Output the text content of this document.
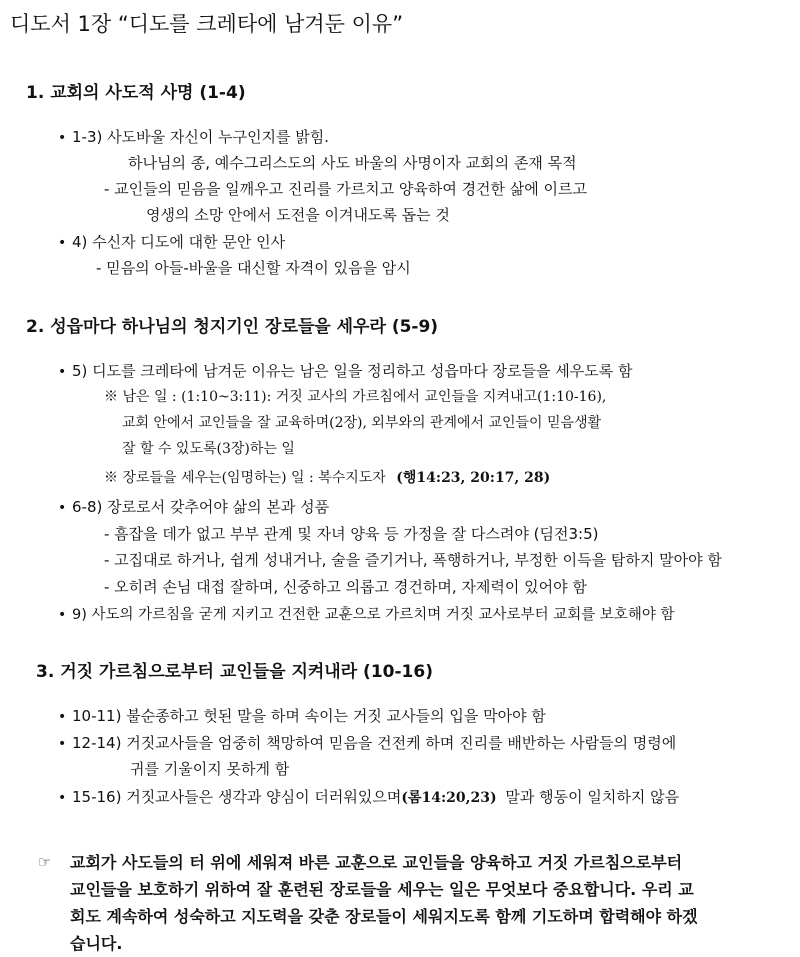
디도서 1장 “디도를 크레타에 남겨둔 이유”
1. 교회의 사도적 사명 (1-4)
• 1-3) 사도바울 자신이 누구인지를 밝힘.
하나님의 종, 예수그리스도의 사도 바울의 사명이자 교회의 존재 목적
- 교인들의 믿음을 일깨우고 진리를 가르치고 양육하여 경건한 삶에 이르고
영생의 소망 안에서 도전을 이겨내도록 돕는 것
• 4) 수신자 디도에 대한 문안 인사
- 믿음의 아들-바울을 대신할 자격이 있음을 암시
2. 성읍마다 하나님의 청지기인 장로들을 세우라 (5-9)
• 5) 디도를 크레타에 남겨둔 이유는 남은 일을 정리하고 성읍마다 장로들을 세우도록 함
※ 남은 일 : (1:10~3:11): 거짓 교사의 가르침에서 교인들을 지켜내고(1:10-16),
교회 안에서 교인들을 잘 교육하며(2장), 외부와의 관계에서 교인들이 믿음생활
잘 할 수 있도록(3장)하는 일
※ 장로들을 세우는(임명하는) 일 : 복수지도자 (행14:23, 20:17, 28)
• 6-8) 장로로서 갖추어야 삶의 본과 성품
- 흠잡을 데가 없고 부부 관계 및 자녀 양육 등 가정을 잘 다스려야 (딤전3:5)
- 고집대로 하거나, 쉽게 성내거나, 술을 즐기거나, 폭행하거나, 부정한 이득을 탐하지 말아야 함
- 오히려 손님 대접 잘하며, 신중하고 의롭고 경건하며, 자제력이 있어야 함
• 9) 사도의 가르침을 굳게 지키고 건전한 교훈으로 가르치며 거짓 교사로부터 교회를 보호해야 함
3. 거짓 가르침으로부터 교인들을 지켜내라 (10-16)
• 10-11) 불순종하고 헛된 말을 하며 속이는 거짓 교사들의 입을 막아야 함
• 12-14) 거짓교사들을 엄중히 책망하여 믿음을 건전케 하며 진리를 배반하는 사람들의 명령에
귀를 기울이지 못하게 함
• 15-16) 거짓교사들은 생각과 양심이 더러워있으며(롬14:20,23) 말과 행동이 일치하지 않음
☞ 교회가 사도들의 터 위에 세워져 바른 교훈으로 교인들을 양육하고 거짓 가르침으로부터
교인들을 보호하기 위하여 잘 훈련된 장로들을 세우는 일은 무엇보다 중요합니다. 우리 교
회도 계속하여 성숙하고 지도력을 갖춘 장로들이 세워지도록 함께 기도하며 합력해야 하겠
습니다.
